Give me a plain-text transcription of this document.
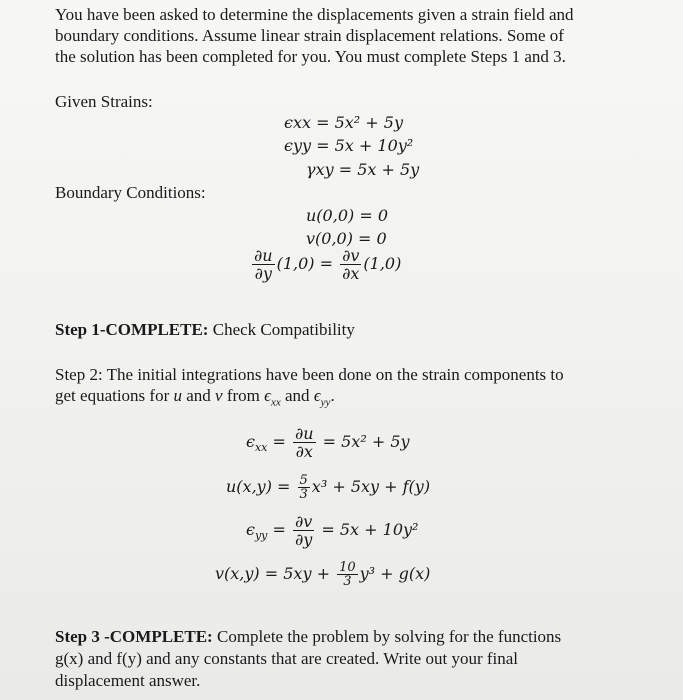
You have been asked to determine the displacements given a strain field and

boundary conditions. Assume linear strain displacement relations. Some of

the solution has been completed for you. You must complete Steps 1 and 3.

Given Strains:

ϵxx = 5x² + 5y
ϵyy = 5x + 10y²
γxy = 5x + 5y

Boundary Conditions:

u(0,0) = 0
v(0,0) = 0
$\frac{\partial u}{\partial y} (1,0) = \frac{\partial v}{\partial x} (1,0)$

Step 1-COMPLETE: Check Compatibility

Step 2: The initial integrations have been done on the strain components to

get equations for u and v from $\epsilon_{xx}$ and $\epsilon_{yy}$.

$\epsilon_{xx} = \frac{\partial u}{\partial x} = 5x^2 + 5y$
$u(x,y) = \frac{5}{3} x^3 + 5xy + f(y)$
$\epsilon_{yy} = \frac{\partial v}{\partial y} = 5x + 10y^2$
$v(x,y) = 5xy + \frac{10}{3} y^3 + g(x)$

Step 3 -COMPLETE: Complete the problem by solving for the functions

g(x) and f(y) and any constants that are created. Write out your final

displacement answer.
